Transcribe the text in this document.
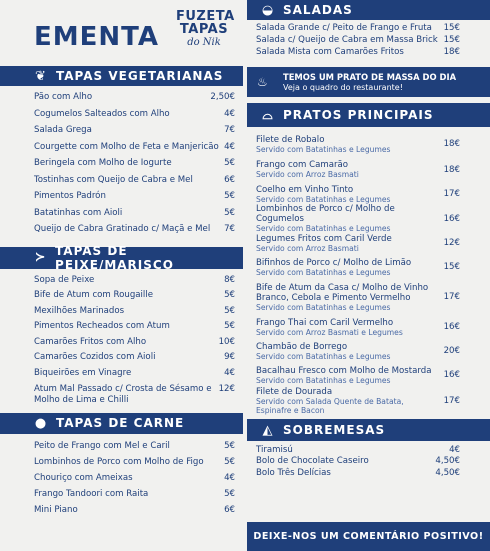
EMENTA
FUZETA
TAPAS
do Nik
❦ TAPAS VEGETARIANAS
Pão com Alho	2,50€
Cogumelos Salteados com Alho	4€
Salada Grega	7€
Courgette com Molho de Feta e Manjericão 4€
Beringela com Molho de Iogurte	5€
Tostinhas com Queijo de Cabra e Mel	6€
Pimentos Padrón	5€
Batatinhas com Aioli	5€
Queijo de Cabra Gratinado c/ Maçã e Mel	7€
≻ TAPAS DE PEIXE/MARISCO
Sopa de Peixe	8€
Bife de Atum com Rougaille	5€
Mexilhões Marinados	5€
Pimentos Recheados com Atum	5€
Camarões Fritos com Alho	10€
Camarões Cozidos com Aioli	9€
Biqueirões em Vinagre	4€
Atum Mal Passado c/ Crosta de Sésamo e Molho de Lima e Chilli
12€
● TAPAS DE CARNE
Peito de Frango com Mel e Caril	5€
Lombinhos de Porco com Molho de Figo	5€
Chouriço com Ameixas	4€
Frango Tandoori com Raita	5€
Mini Piano	6€
◒ SALADAS
Salada Grande c/ Peito de Frango e Fruta 15€
Salada c/ Queijo de Cabra em Massa Brick 15€
Salada Mista com Camarões Fritos	18€
♨	TEMOS UM PRATO DE MASSA DO DIA
Veja o quadro do restaurante!
⌓ PRATOS PRINCIPAIS
Filete de Robalo
Servido com Batatinhas e Legumes	18€
Frango com Camarão
Servido com Arroz Basmati	18€
Coelho em Vinho Tinto
Servido com Batatinhas e Legumes	17€
Lombinhos de Porco c/ Molho de Cogumelos
Servido com Batatinhas e Legumes
16€
Legumes Fritos com Caril Verde
Servido com Arroz Basmati	12€
Bifinhos de Porco c/ Molho de Limão
Servido com Batatinhas e Legumes	15€
Bife de Atum da Casa c/ Molho de Vinho Branco, Cebola e Pimento Vermelho
Servido com Batatinhas e Legumes
17€
Frango Thai com Caril Vermelho
Servido com Arroz Basmati e Legumes	16€
Chambão de Borrego
Servido com Batatinhas e Legumes	20€
Bacalhau Fresco com Molho de Mostarda
Servido com Batatinhas e Legumes	16€
Filete de Dourada
Servido com Salada Quente de Batata, Espinafre e Bacon
17€
◭ SOBREMESAS
Tiramisú	4€
Bolo de Chocolate Caseiro	4,50€
Bolo Três Delícias	4,50€
DEIXE-NOS UM COMENTÁRIO POSITIVO!
